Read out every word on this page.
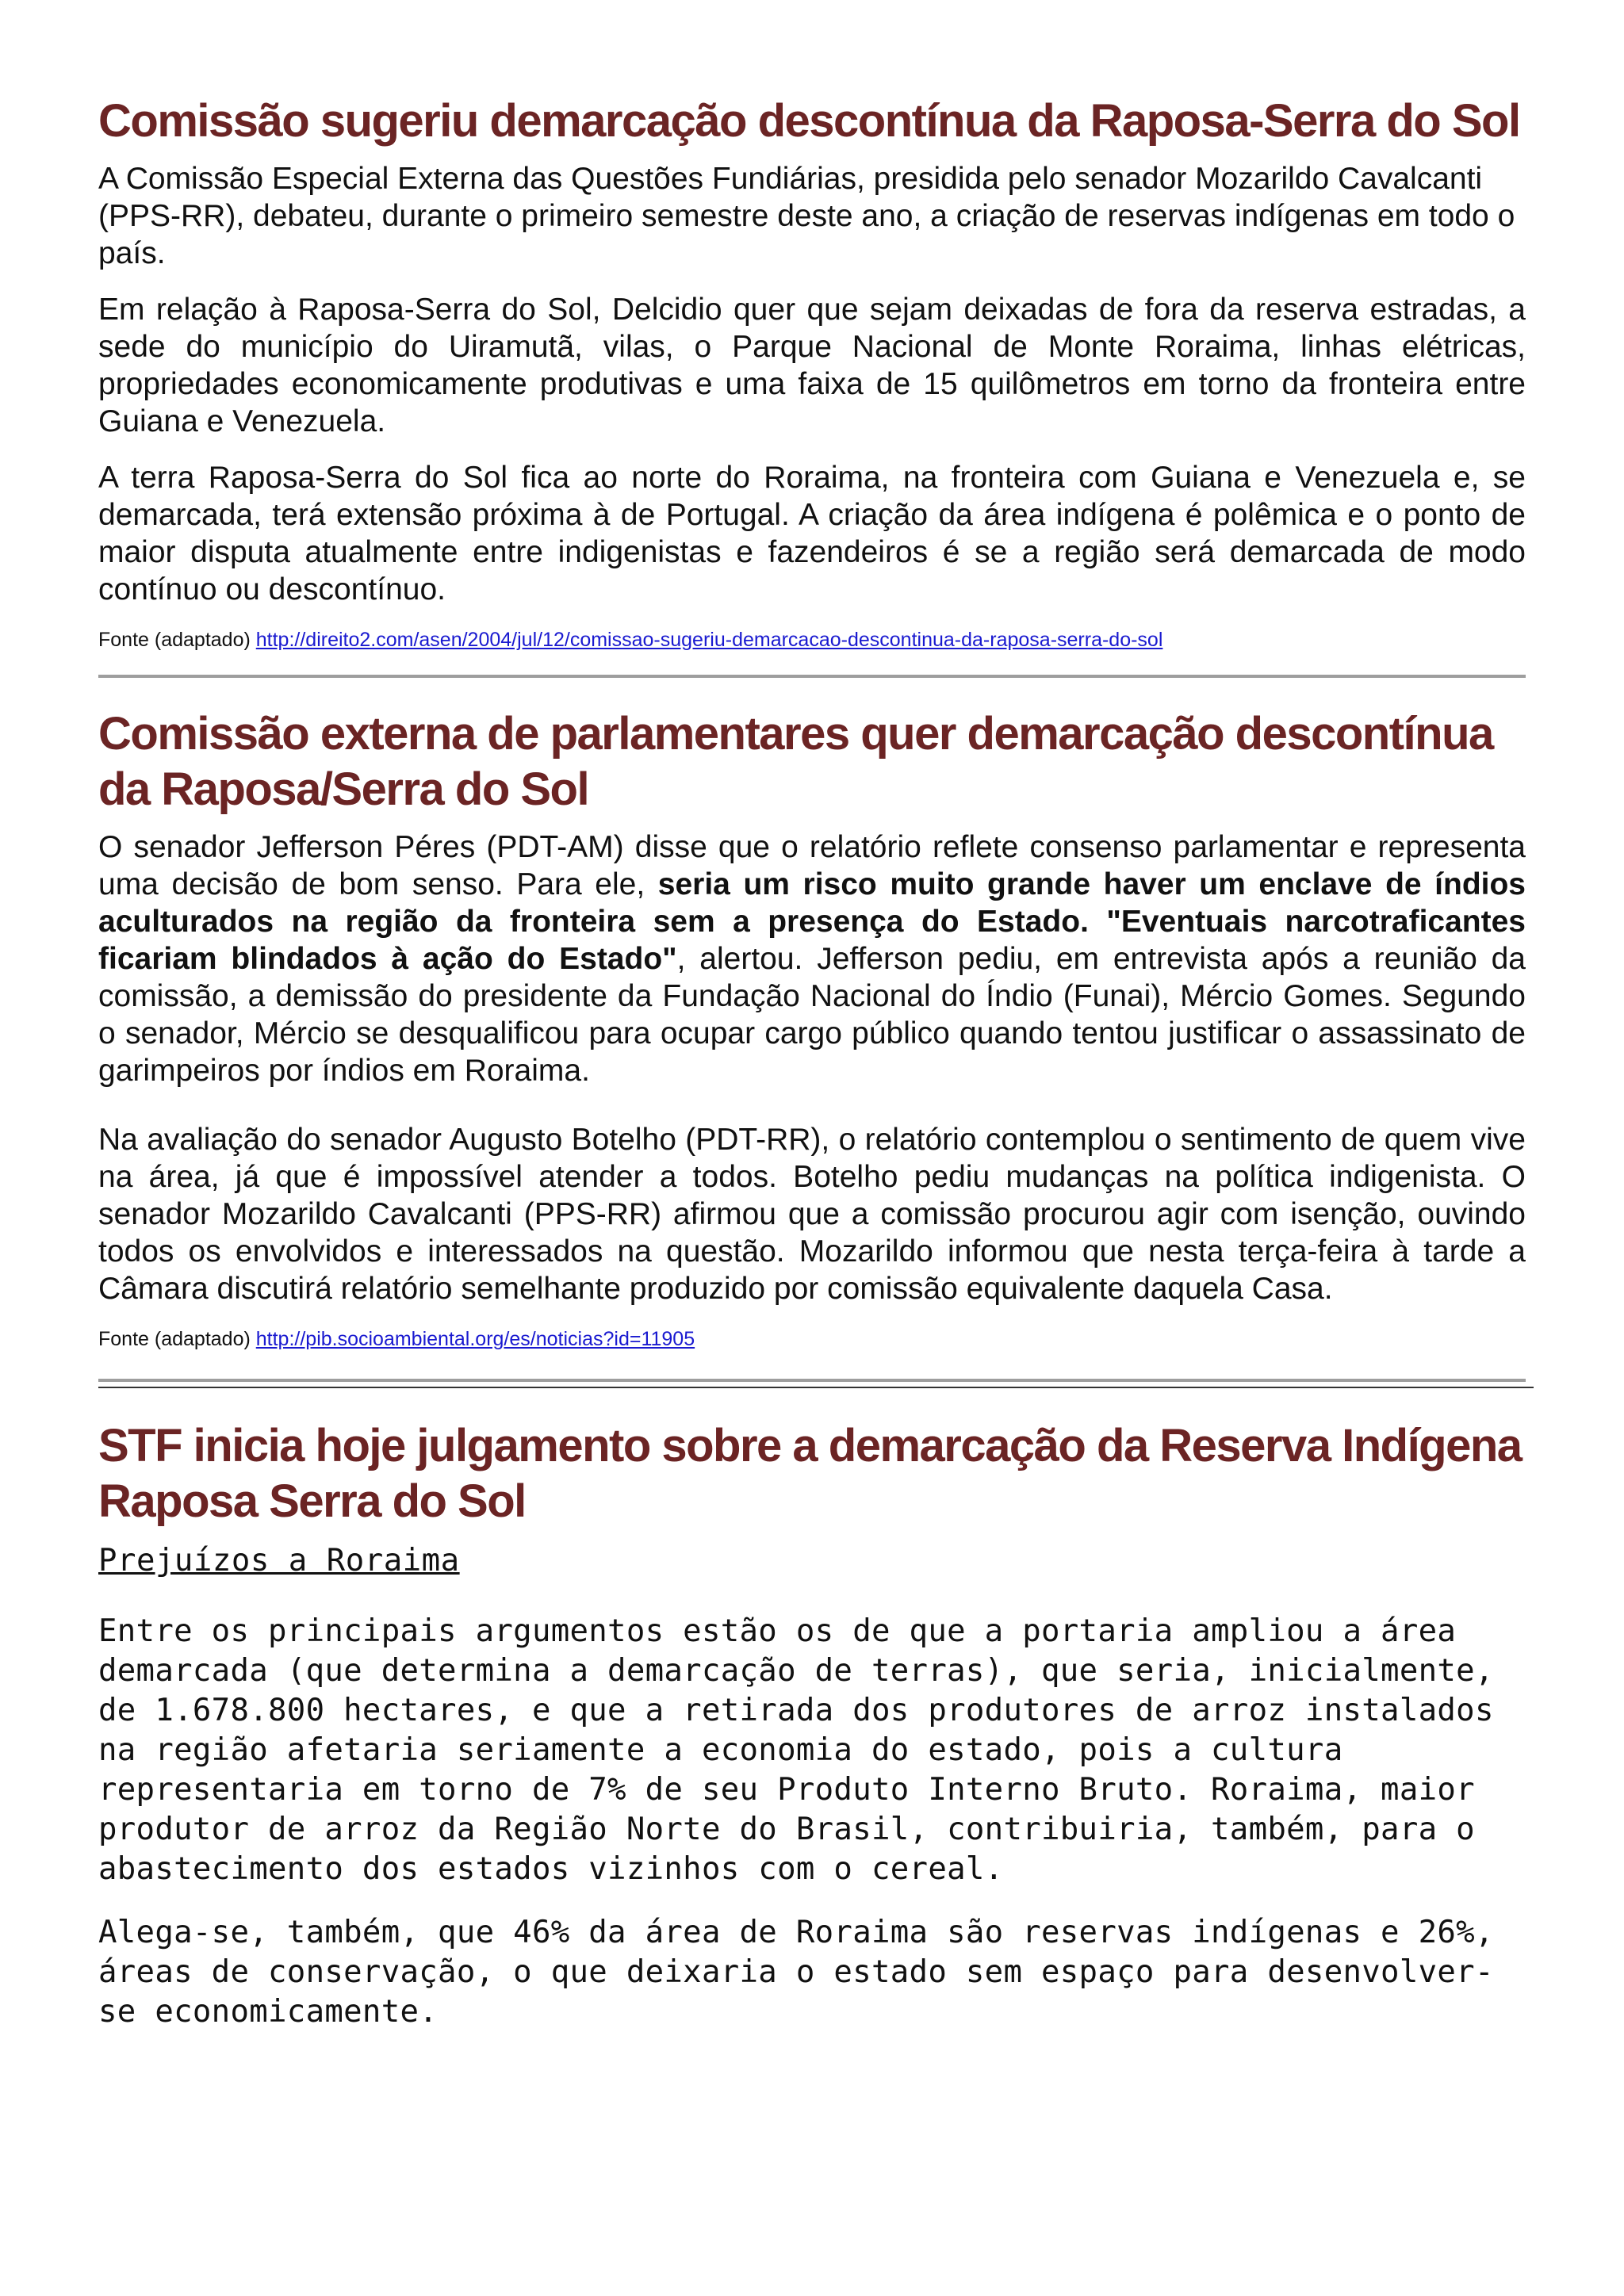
Comissão sugeriu demarcação descontínua da Raposa-Serra do Sol

A Comissão Especial Externa das Questões Fundiárias, presidida pelo senador Mozarildo Cavalcanti (PPS-RR), debateu, durante o primeiro semestre deste ano, a criação de reservas indígenas em todo o país.

Em relação à Raposa-Serra do Sol, Delcidio quer que sejam deixadas de fora da reserva estradas, a sede do município do Uiramutã, vilas, o Parque Nacional de Monte Roraima, linhas elétricas, propriedades economicamente produtivas e uma faixa de 15 quilômetros em torno da fronteira entre Guiana e Venezuela.

A terra Raposa-Serra do Sol fica ao norte do Roraima, na fronteira com Guiana e Venezuela e, se demarcada, terá extensão próxima à de Portugal. A criação da área indígena é polêmica e o ponto de maior disputa atualmente entre indigenistas e fazendeiros é se a região será demarcada de modo contínuo ou descontínuo.

Fonte (adaptado) http://direito2.com/asen/2004/jul/12/comissao-sugeriu-demarcacao-descontinua-da-raposa-serra-do-sol
Comissão externa de parlamentares quer demarcação descontínua da Raposa/Serra do Sol

O senador Jefferson Péres (PDT-AM) disse que o relatório reflete consenso parlamentar e representa uma decisão de bom senso. Para ele, seria um risco muito grande haver um enclave de índios aculturados na região da fronteira sem a presença do Estado. "Eventuais narcotraficantes ficariam blindados à ação do Estado", alertou. Jefferson pediu, em entrevista após a reunião da comissão, a demissão do presidente da Fundação Nacional do Índio (Funai), Mércio Gomes. Segundo o senador, Mércio se desqualificou para ocupar cargo público quando tentou justificar o assassinato de garimpeiros por índios em Roraima.

Na avaliação do senador Augusto Botelho (PDT-RR), o relatório contemplou o sentimento de quem vive na área, já que é impossível atender a todos. Botelho pediu mudanças na política indigenista. O senador Mozarildo Cavalcanti (PPS-RR) afirmou que a comissão procurou agir com isenção, ouvindo todos os envolvidos e interessados na questão. Mozarildo informou que nesta terça-feira à tarde a Câmara discutirá relatório semelhante produzido por comissão equivalente daquela Casa.

Fonte (adaptado) http://pib.socioambiental.org/es/noticias?id=11905
STF inicia hoje julgamento sobre a demarcação da Reserva Indígena Raposa Serra do Sol
Prejuízos a Roraima

Entre os principais argumentos estão os de que a portaria ampliou a área demarcada (que determina a demarcação de terras), que seria, inicialmente, de 1.678.800 hectares, e que a retirada dos produtores de arroz instalados na região afetaria seriamente a economia do estado, pois a cultura representaria em torno de 7% de seu Produto Interno Bruto. Roraima, maior produtor de arroz da Região Norte do Brasil, contribuiria, também, para o abastecimento dos estados vizinhos com o cereal.

Alega-se, também, que 46% da área de Roraima são reservas indígenas e 26%, áreas de conservação, o que deixaria o estado sem espaço para desenvolver-se economicamente.
